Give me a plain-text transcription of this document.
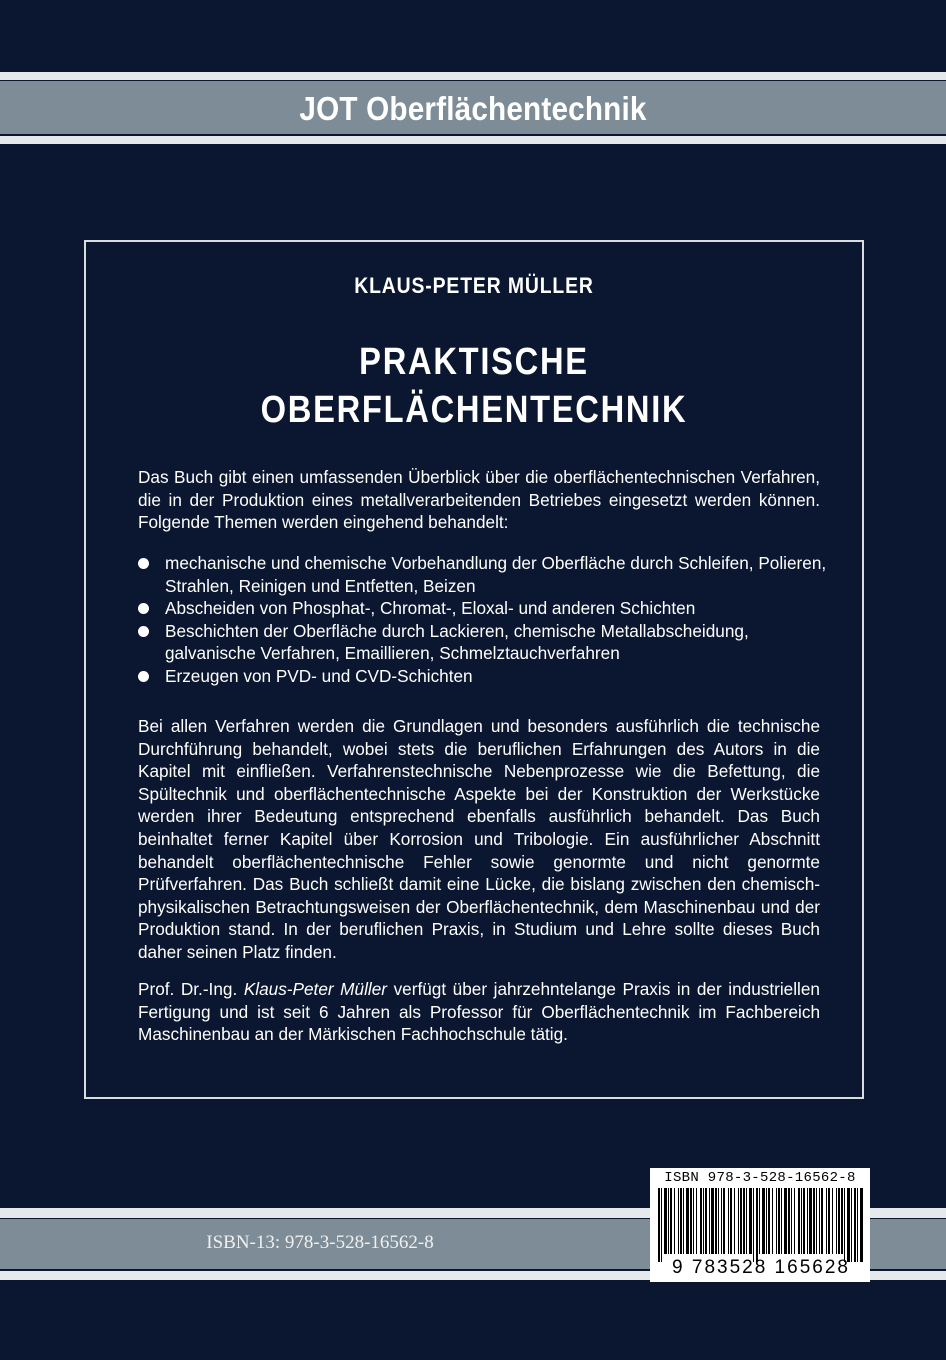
JOT Oberflächentechnik
KLAUS-PETER MÜLLER
PRAKTISCHE
OBERFLÄCHENTECHNIK
Das Buch gibt einen umfassenden Überblick über die oberflächentechnischen Verfahren, die in der Produktion eines metallverarbeitenden Betriebes eingesetzt werden können. Folgende Themen werden eingehend behandelt:
mechanische und chemische Vorbehandlung der Oberfläche durch Schleifen, Polieren, Strahlen, Reinigen und Entfetten, Beizen
Abscheiden von Phosphat-, Chromat-, Eloxal- und anderen Schichten
Beschichten der Oberfläche durch Lackieren, chemische Metallabscheidung, galvanische Verfahren, Emaillieren, Schmelztauchverfahren
Erzeugen von PVD- und CVD-Schichten
Bei allen Verfahren werden die Grundlagen und besonders ausführlich die technische Durchführung behandelt, wobei stets die beruflichen Erfahrungen des Autors in die Kapitel mit einfließen. Verfahrenstechnische Nebenprozesse wie die Befettung, die Spültechnik und oberflächentechnische Aspekte bei der Konstruktion der Werkstücke werden ihrer Bedeutung entsprechend ebenfalls ausführlich behandelt. Das Buch beinhaltet ferner Kapitel über Korrosion und Tribologie. Ein ausführlicher Abschnitt behandelt oberflächentechnische Fehler sowie genormte und nicht genormte Prüfverfahren. Das Buch schließt damit eine Lücke, die bislang zwischen den chemisch-physikalischen Betrachtungsweisen der Oberflächentechnik, dem Maschinenbau und der Produktion stand. In der beruflichen Praxis, in Studium und Lehre sollte dieses Buch daher seinen Platz finden.
Prof. Dr.-Ing. Klaus-Peter Müller verfügt über jahrzehntelange Praxis in der industriellen Fertigung und ist seit 6 Jahren als Professor für Oberflächentechnik im Fachbereich Maschinenbau an der Märkischen Fachhochschule tätig.
ISBN-13: 978-3-528-16562-8
ISBN 978-3-528-16562-8
9 783528 165628
